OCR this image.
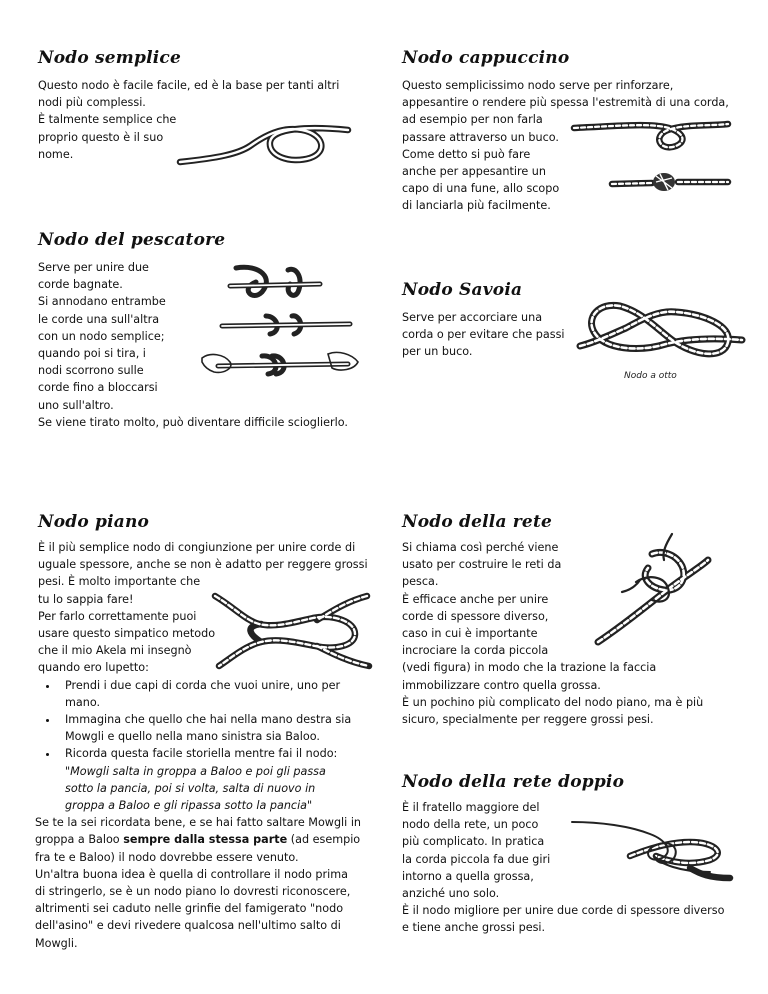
Nodo semplice

Questo nodo è facile facile, ed è la base per tanti altri
nodi più complessi.
È talmente semplice che
proprio questo è il suo
nome.

Nodo cappuccino

Questo semplicissimo nodo serve per rinforzare,
appesantire o rendere più spessa l'estremità di una corda,
ad esempio per non farla
passare attraverso un buco.
Come detto si può fare
anche per appesantire un
capo di una fune, allo scopo
di lanciarla più facilmente.

Nodo del pescatore

Serve per unire due
corde bagnate.
Si annodano entrambe
le corde una sull'altra
con un nodo semplice;
quando poi si tira, i
nodi scorrono sulle
corde fino a bloccarsi
uno sull'altro.
Se viene tirato molto, può diventare difficile scioglierlo.

Nodo Savoia

Serve per accorciare una
corda o per evitare che passi
per un buco.

Nodo a otto
Nodo piano

È il più semplice nodo di congiunzione per unire corde di
uguale spessore, anche se non è adatto per reggere grossi
pesi. È molto importante che
tu lo sappia fare!
Per farlo correttamente puoi
usare questo simpatico metodo
che il mio Akela mi insegnò
quando ero lupetto:

• Prendi i due capi di corda che vuoi unire, uno per
mano.
• Immagina che quello che hai nella mano destra sia
Mowgli e quello nella mano sinistra sia Baloo.
• Ricorda questa facile storiella mentre fai il nodo:
"Mowgli salta in groppa a Baloo e poi gli passa
sotto la pancia, poi si volta, salta di nuovo in
groppa a Baloo e gli ripassa sotto la pancia"

Se te la sei ricordata bene, e se hai fatto saltare Mowgli in
groppa a Baloo sempre dalla stessa parte (ad esempio
fra te e Baloo) il nodo dovrebbe essere venuto.
Un'altra buona idea è quella di controllare il nodo prima
di stringerlo, se è un nodo piano lo dovresti riconoscere,
altrimenti sei caduto nelle grinfie del famigerato "nodo
dell'asino" e devi rivedere qualcosa nell'ultimo salto di
Mowgli.

Nodo della rete

Si chiama così perché viene
usato per costruire le reti da
pesca.
È efficace anche per unire
corde di spessore diverso,
caso in cui è importante
incrociare la corda piccola
(vedi figura) in modo che la trazione la faccia
immobilizzare contro quella grossa.
È un pochino più complicato del nodo piano, ma è più
sicuro, specialmente per reggere grossi pesi.

Nodo della rete doppio

È il fratello maggiore del
nodo della rete, un poco
più complicato. In pratica
la corda piccola fa due giri
intorno a quella grossa,
anziché uno solo.
È il nodo migliore per unire due corde di spessore diverso
e tiene anche grossi pesi.
